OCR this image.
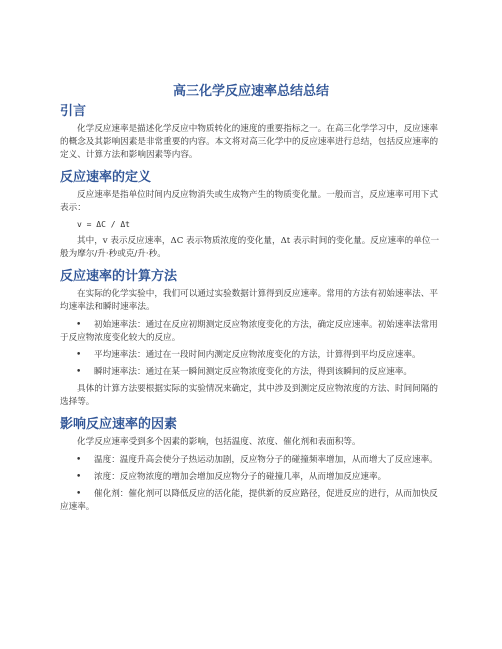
高三化学反应速率总结总结
引言

化学反应速率是描述化学反应中物质转化的速度的重要指标之一。在高三化学学习中，反应速率的概念及其影响因素是非常重要的内容。本文将对高三化学中的反应速率进行总结，包括反应速率的定义、计算方法和影响因素等内容。

反应速率的定义

反应速率是指单位时间内反应物消失或生成物产生的物质变化量。一般而言，反应速率可用下式表示：

v = ΔC / Δt

其中，v 表示反应速率，ΔC 表示物质浓度的变化量，Δt 表示时间的变化量。反应速率的单位一般为摩尔/升·秒或克/升·秒。

反应速率的计算方法

在实际的化学实验中，我们可以通过实验数据计算得到反应速率。常用的方法有初始速率法、平均速率法和瞬时速率法。

• 初始速率法：通过在反应初期测定反应物浓度变化的方法，确定反应速率。初始速率法常用于反应物浓度变化较大的反应。
• 平均速率法：通过在一段时间内测定反应物浓度变化的方法，计算得到平均反应速率。
• 瞬时速率法：通过在某一瞬间测定反应物浓度变化的方法，得到该瞬间的反应速率。

具体的计算方法要根据实际的实验情况来确定，其中涉及到测定反应物浓度的方法、时间间隔的选择等。

影响反应速率的因素

化学反应速率受到多个因素的影响，包括温度、浓度、催化剂和表面积等。

• 温度：温度升高会使分子热运动加剧，反应物分子的碰撞频率增加，从而增大了反应速率。
• 浓度：反应物浓度的增加会增加反应物分子的碰撞几率，从而增加反应速率。
• 催化剂：催化剂可以降低反应的活化能，提供新的反应路径，促进反应的进行，从而加快反应速率。
